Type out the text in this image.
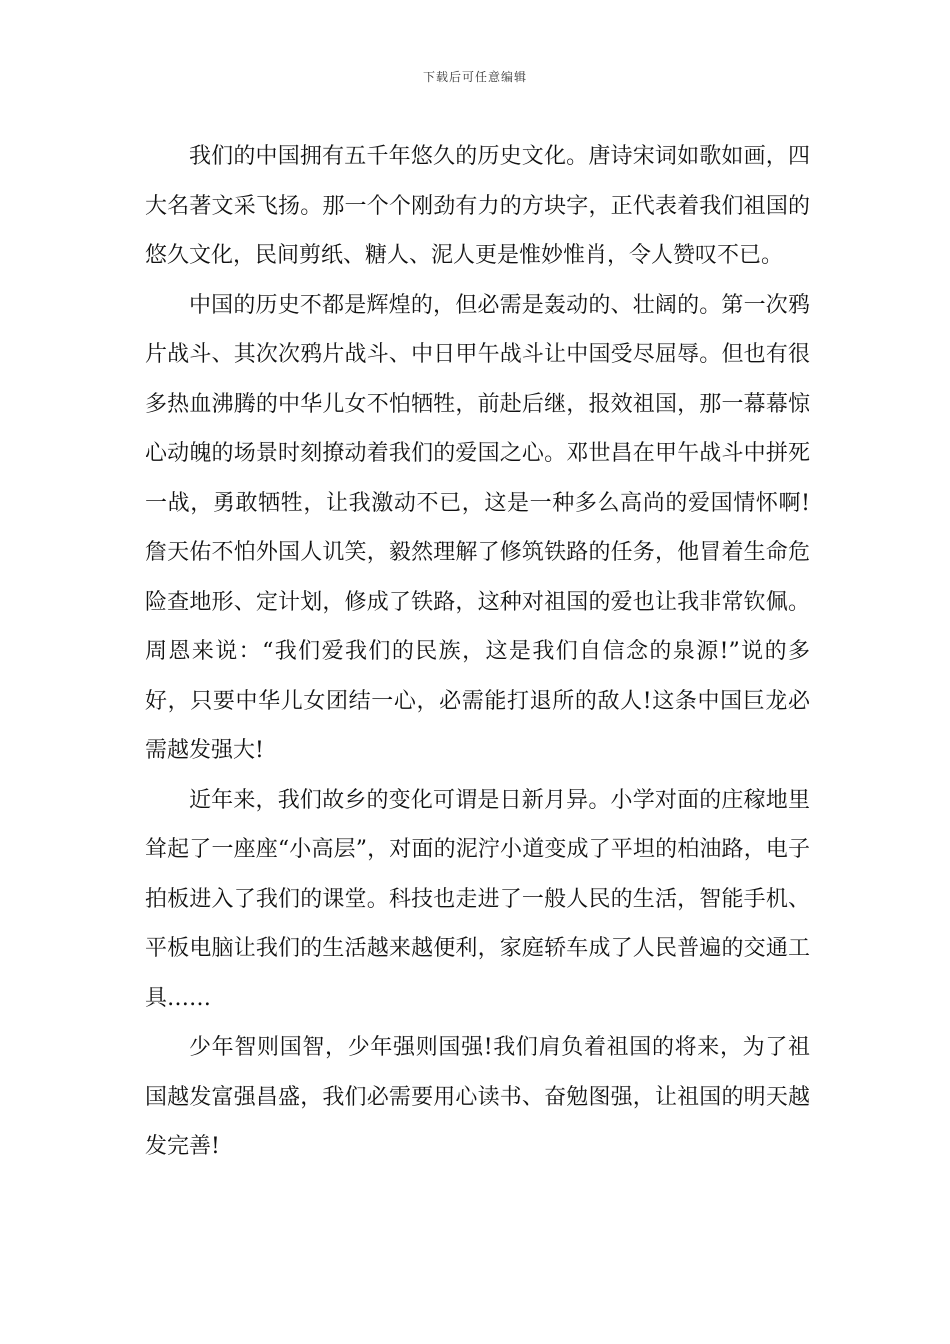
下载后可任意编辑

我们的中国拥有五千年悠久的历史文化。唐诗宋词如歌如画，四大名著文采飞扬。那一个个刚劲有力的方块字，正代表着我们祖国的悠久文化，民间剪纸、糖人、泥人更是惟妙惟肖，令人赞叹不已。

中国的历史不都是辉煌的，但必需是轰动的、壮阔的。第一次鸦片战斗、其次次鸦片战斗、中日甲午战斗让中国受尽屈辱。但也有很多热血沸腾的中华儿女不怕牺牲，前赴后继，报效祖国，那一幕幕惊心动魄的场景时刻撩动着我们的爱国之心。邓世昌在甲午战斗中拼死一战，勇敢牺牲，让我激动不已，这是一种多么高尚的爱国情怀啊!詹天佑不怕外国人讥笑，毅然理解了修筑铁路的任务，他冒着生命危险查地形、定计划，修成了铁路，这种对祖国的爱也让我非常钦佩。周恩来说：“我们爱我们的民族，这是我们自信念的泉源!”说的多好，只要中华儿女团结一心，必需能打退所的敌人!这条中国巨龙必需越发强大!

近年来，我们故乡的变化可谓是日新月异。小学对面的庄稼地里耸起了一座座“小高层”，对面的泥泞小道变成了平坦的柏油路，电子拍板进入了我们的课堂。科技也走进了一般人民的生活，智能手机、平板电脑让我们的生活越来越便利，家庭轿车成了人民普遍的交通工具……

少年智则国智，少年强则国强!我们肩负着祖国的将来，为了祖国越发富强昌盛，我们必需要用心读书、奋勉图强，让祖国的明天越发完善!
